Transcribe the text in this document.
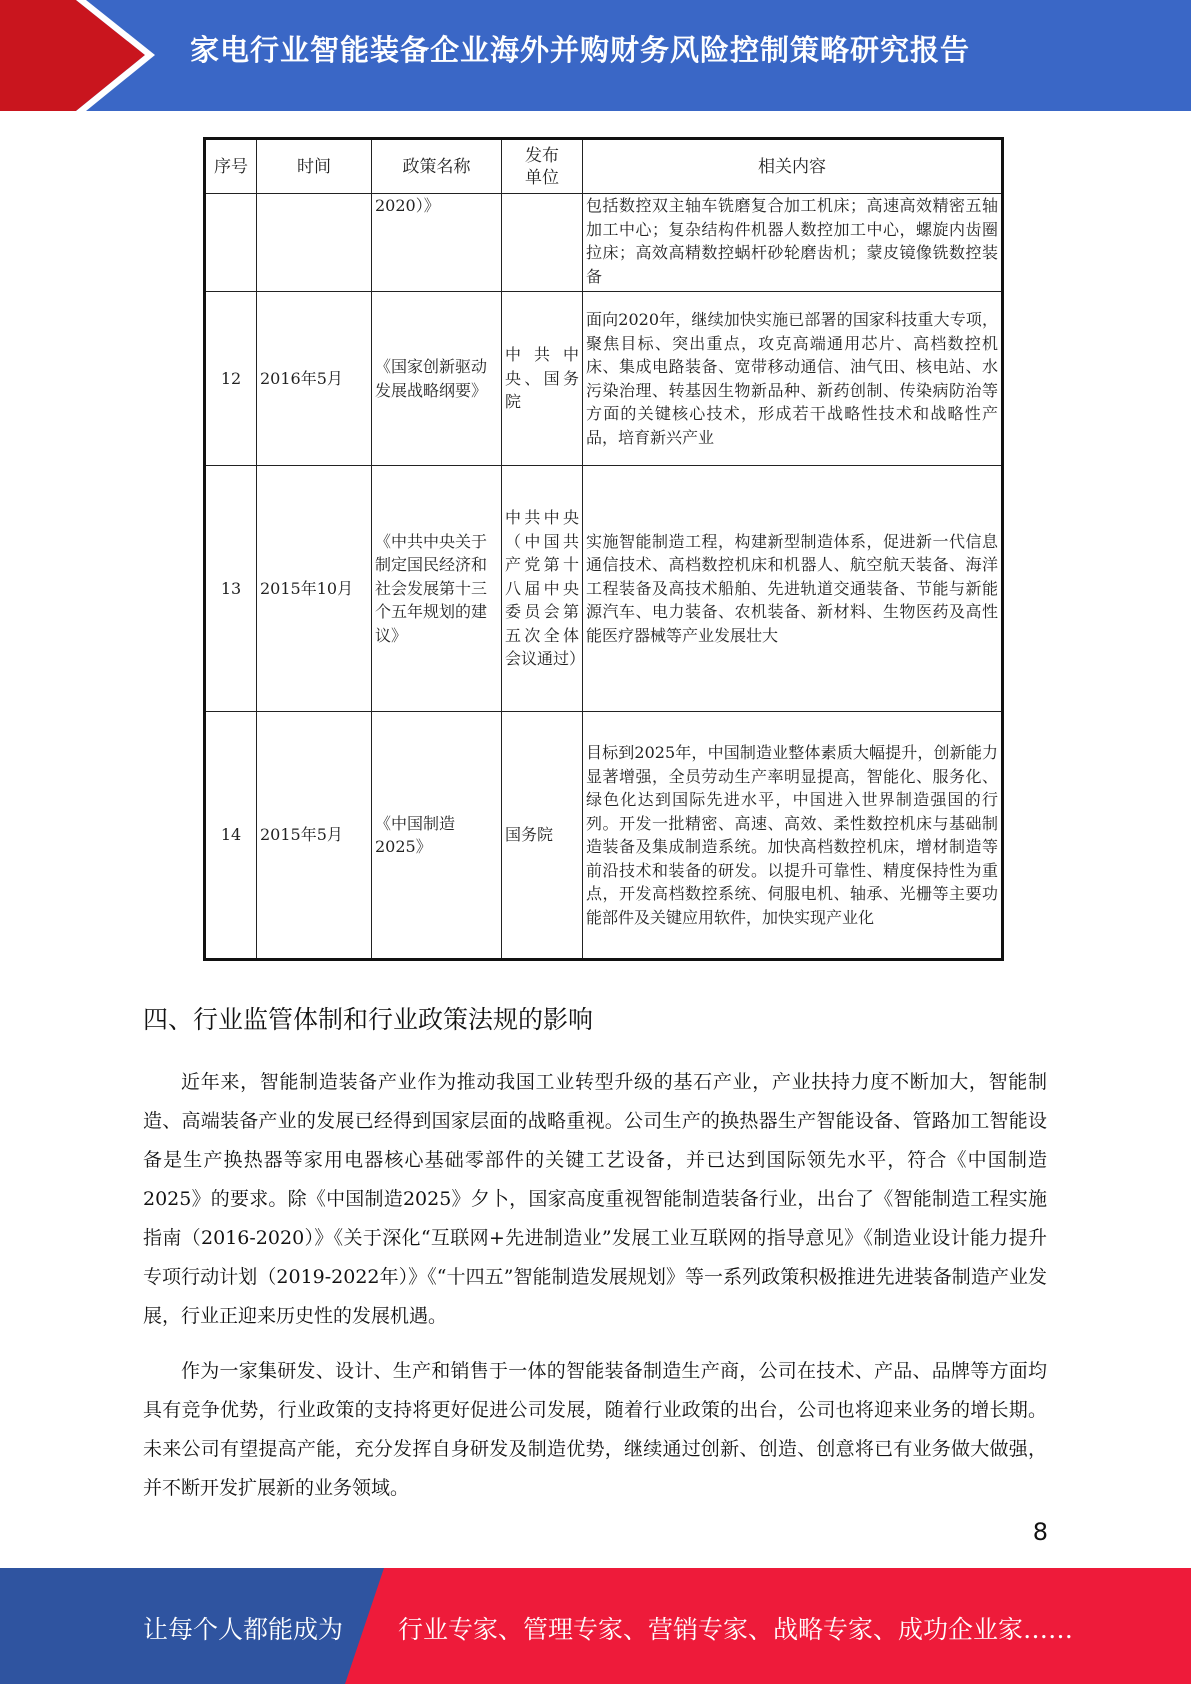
家电行业智能装备企业海外并购财务风险控制策略研究报告
序号	时间	政策名称	发布单位	相关内容
		2020）》		包括数控双主轴车铣磨复合加工机床；高速高效精密五轴加工中心；复杂结构件机器人数控加工中心，螺旋内齿圈拉床；高效高精数控蜗杆砂轮磨齿机；蒙皮镜像铣数控装备
12	2016年5月	《国家创新驱动发展战略纲要》	中共中央、国务院	面向2020年，继续加快实施已部署的国家科技重大专项，聚焦目标、突出重点，攻克高端通用芯片、高档数控机床、集成电路装备、宽带移动通信、油气田、核电站、水污染治理、转基因生物新品种、新药创制、传染病防治等方面的关键核心技术，形成若干战略性技术和战略性产品，培育新兴产业
13	2015年10月	《中共中央关于制定国民经济和社会发展第十三个五年规划的建议》	中共中央（中国共产党第十八届中央委员会第五次全体会议通过）	实施智能制造工程，构建新型制造体系，促进新一代信息通信技术、高档数控机床和机器人、航空航天装备、海洋工程装备及高技术船舶、先进轨道交通装备、节能与新能源汽车、电力装备、农机装备、新材料、生物医药及高性能医疗器械等产业发展壮大
14	2015年5月	《中国制造2025》	国务院	目标到2025年，中国制造业整体素质大幅提升，创新能力显著增强，全员劳动生产率明显提高，智能化、服务化、绿色化达到国际先进水平，中国进入世界制造强国的行列。开发一批精密、高速、高效、柔性数控机床与基础制造装备及集成制造系统。加快高档数控机床，增材制造等前沿技术和装备的研发。以提升可靠性、精度保持性为重点，开发高档数控系统、伺服电机、轴承、光栅等主要功能部件及关键应用软件，加快实现产业化
四、行业监管体制和行业政策法规的影响

近年来，智能制造装备产业作为推动我国工业转型升级的基石产业，产业扶持力度不断加大，智能制造、高端装备产业的发展已经得到国家层面的战略重视。公司生产的换热器生产智能设备、管路加工智能设备是生产换热器等家用电器核心基础零部件的关键工艺设备，并已达到国际领先水平，符合《中国制造2025》的要求。除《中国制造2025》夕卜，国家高度重视智能制造装备行业，出台了《智能制造工程实施指南（2016-2020）》《关于深化“互联网+先进制造业”发展工业互联网的指导意见》《制造业设计能力提升专项行动计划（2019-2022年）》《“十四五”智能制造发展规划》等一系列政策积极推进先进装备制造产业发展，行业正迎来历史性的发展机遇。

作为一家集研发、设计、生产和销售于一体的智能装备制造生产商，公司在技术、产品、品牌等方面均具有竞争优势，行业政策的支持将更好促进公司发展，随着行业政策的出台，公司也将迎来业务的增长期。未来公司有望提高产能，充分发挥自身研发及制造优势，继续通过创新、创造、创意将已有业务做大做强，并不断开发扩展新的业务领域。

8
让每个人都能成为 行业专家、管理专家、营销专家、战略专家、成功企业家……
